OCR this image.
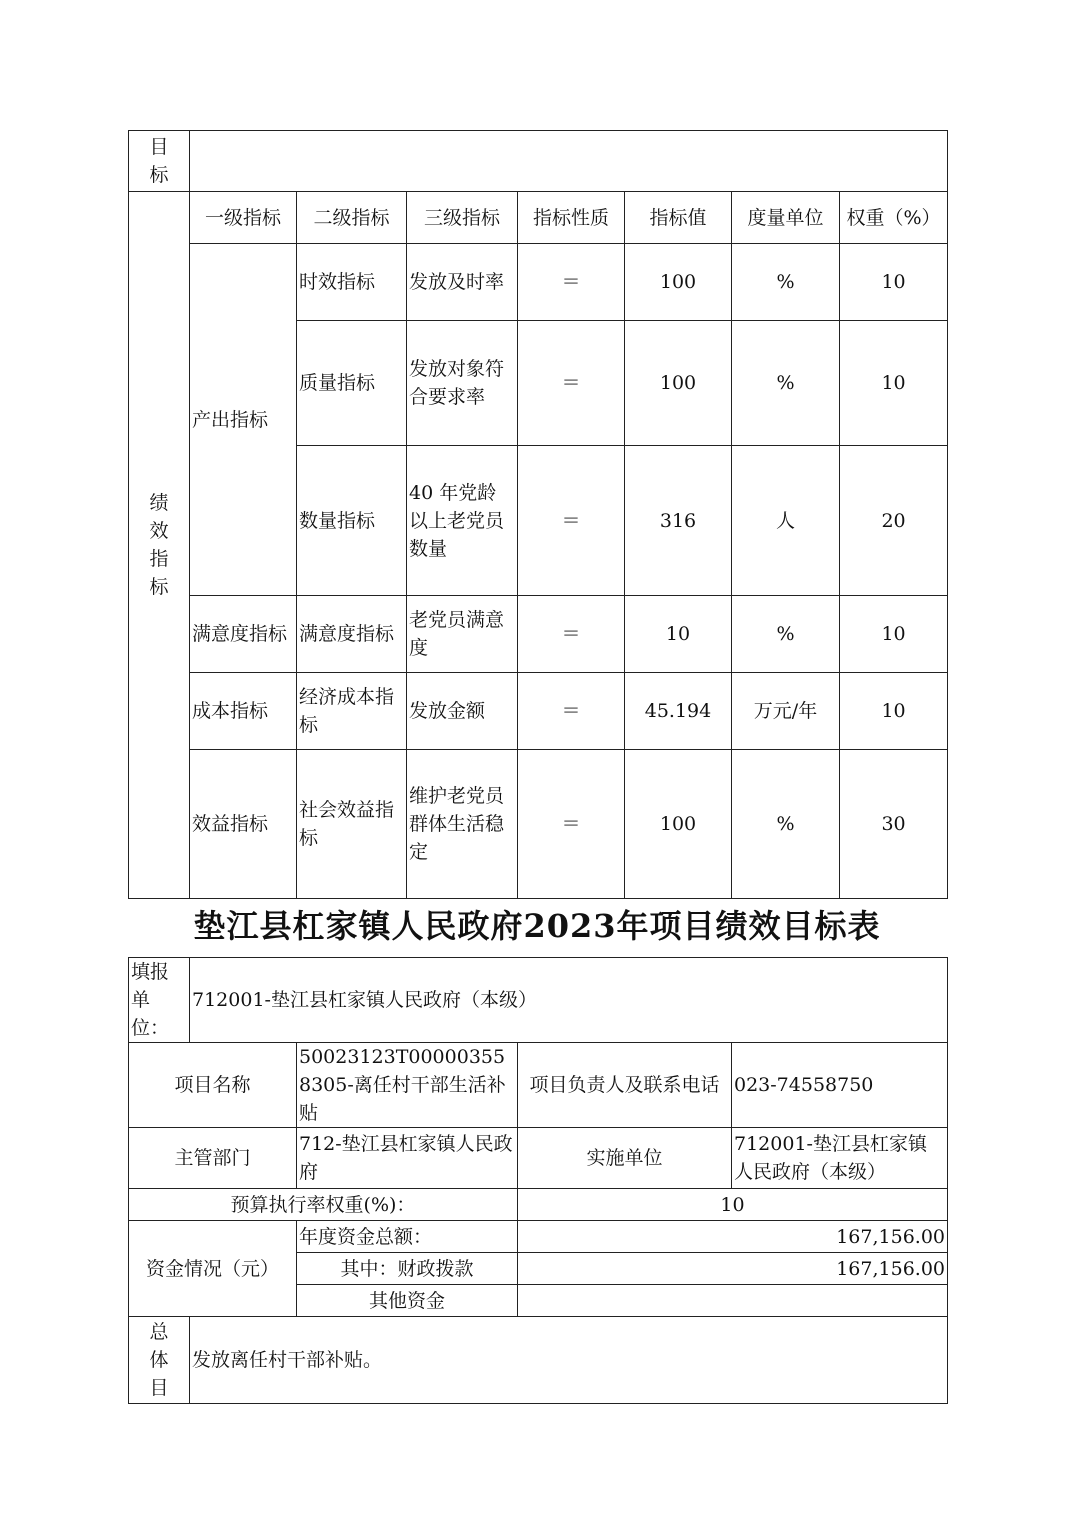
目
标							

绩
效
指
标	一级指标	二级指标	三级指标	指标性质	指标值	度量单位	权重（%）
	产出指标	时效指标	发放及时率	＝	100	%	10
		质量指标	发放对象符合要求率	＝	100	%	10
		数量指标	40 年党龄以上老党员数量	＝	316	人	20
	满意度指标	满意度指标	老党员满意度	＝	10	%	10
	成本指标	经济成本指标	发放金额	＝	45.194	万元/年	10
	效益指标	社会效益指标	维护老党员群体生活稳定	＝	100	%	30
垫江县杠家镇人民政府2023年项目绩效目标表
填报单位：	712001-垫江县杠家镇人民政府（本级）			
项目名称		50023123T000003558305-离任村干部生活补贴	项目负责人及联系电话	023-74558750
主管部门		712-垫江县杠家镇人民政府	实施单位	712001-垫江县杠家镇人民政府（本级）
预算执行率权重(%)：			10	
资金情况（元）		年度资金总额：	167,156.00	
		其中：财政拨款	167,156.00	
		其他资金		

总
体
目	发放离任村干部补贴。			
